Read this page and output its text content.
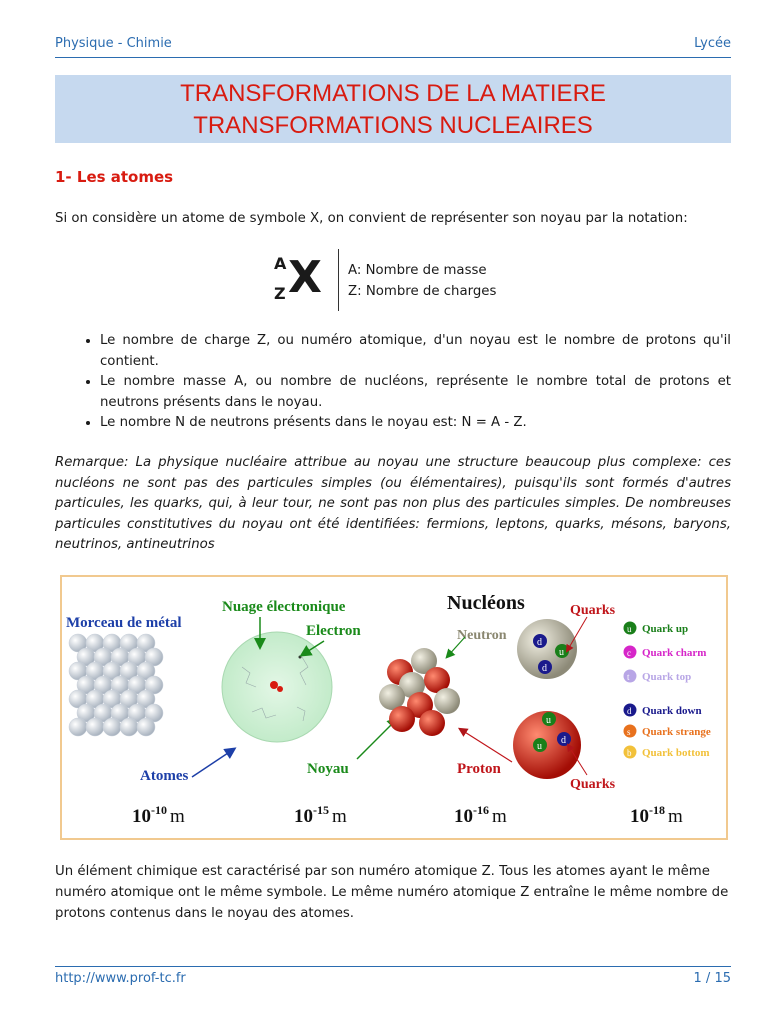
Physique - Chimie	Lycée
TRANSFORMATIONS DE LA MATIERE
TRANSFORMATIONS NUCLEAIRES
1- Les atomes
Si on considère un atome de symbole X, on convient de représenter son noyau par la notation:
A
Z X A: Nombre de masse
Z: Nombre de charges
• Le nombre de charge Z, ou numéro atomique, d'un noyau est le nombre de protons qu'il contient.
• Le nombre masse A, ou nombre de nucléons, représente le nombre total de protons et neutrons présents dans le noyau.
• Le nombre N de neutrons présents dans le noyau est: N = A - Z.
Remarque: La physique nucléaire attribue au noyau une structure beaucoup plus complexe: ces nucléons ne sont pas des particules simples (ou élémentaires), puisqu'ils sont formés d'autres particules, les quarks, qui, à leur tour, ne sont pas non plus des particules simples. De nombreuses particules constitutives du noyau ont été identifiées: fermions, leptons, quarks, mésons, baryons, neutrinos, antineutrinos
Morceau de métal
Atomes
Nuage électronique
Electron
Noyau
Nucléons
Neutron
Proton
d
u
d
u
u
d
Quarks
Quarks
u Quark up
c Quark charm
t Quark top
d Quark down
s Quark strange
b Quark bottom
$10^{-10}$ m	$10^{-15}$ m	$10^{-16}$ m	$10^{-18}$ m
Un élément chimique est caractérisé par son numéro atomique Z. Tous les atomes ayant le même numéro atomique ont le même symbole. Le même numéro atomique Z entraîne le même nombre de protons contenus dans le noyau des atomes.
http://www.prof-tc.fr	1 / 15
